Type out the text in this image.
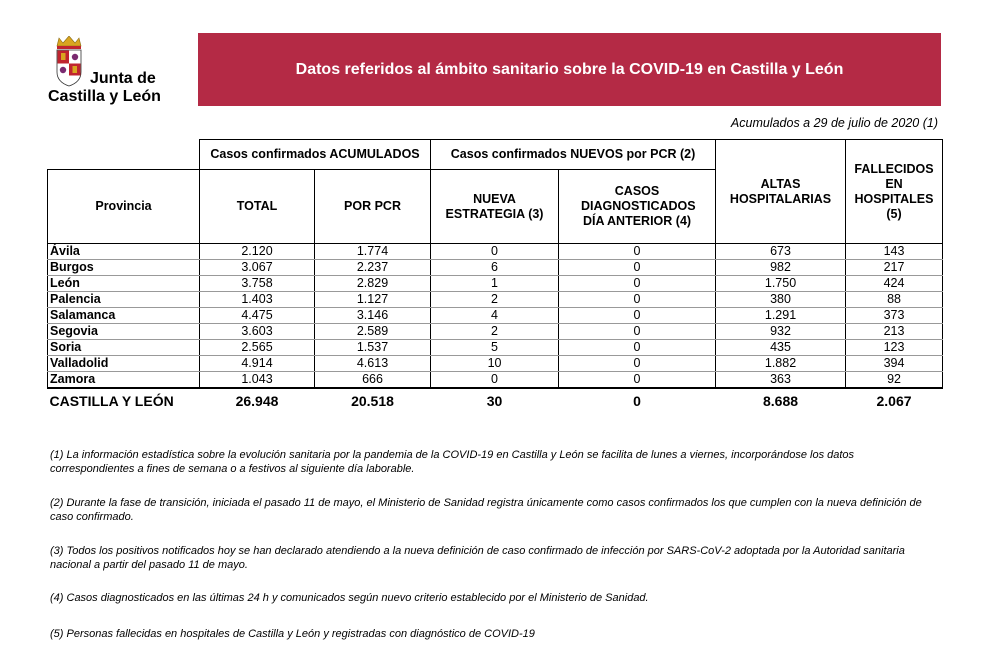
Junta de
Castilla y León
Datos referidos al ámbito sanitario sobre la COVID-19 en Castilla y León
Acumulados a 29 de julio de 2020 (1)
	Casos confirmados ACUMULADOS		Casos confirmados NUEVOS por PCR (2)		ALTAS HOSPITALARIAS	FALLECIDOS EN HOSPITALES (5)
Provincia	TOTAL	POR PCR	NUEVA ESTRATEGIA (3)	CASOS DIAGNOSTICADOS DÍA ANTERIOR (4)		
Ávila	2.120	1.774	0	0	673	143
Burgos	3.067	2.237	6	0	982	217
León	3.758	2.829	1	0	1.750	424
Palencia	1.403	1.127	2	0	380	88
Salamanca	4.475	3.146	4	0	1.291	373
Segovia	3.603	2.589	2	0	932	213
Soria	2.565	1.537	5	0	435	123
Valladolid	4.914	4.613	10	0	1.882	394
Zamora	1.043	666	0	0	363	92
CASTILLA Y LEÓN	26.948	20.518	30	0	8.688	2.067
(1) La información estadística sobre la evolución sanitaria por la pandemia de la COVID-19 en Castilla y León se facilita de lunes a viernes, incorporándose los datos correspondientes a fines de semana o a festivos al siguiente día laborable.
(2) Durante la fase de transición, iniciada el pasado 11 de mayo, el Ministerio de Sanidad registra únicamente como casos confirmados los que cumplen con la nueva definición de caso confirmado.
(3) Todos los positivos notificados hoy se han declarado atendiendo a la nueva definición de caso confirmado de infección por SARS-CoV-2 adoptada por la Autoridad sanitaria nacional a partir del pasado 11 de mayo.
(4) Casos diagnosticados en las últimas 24 h y comunicados según nuevo criterio establecido por el Ministerio de Sanidad.
(5) Personas fallecidas en hospitales de Castilla y León y registradas con diagnóstico de COVID-19
